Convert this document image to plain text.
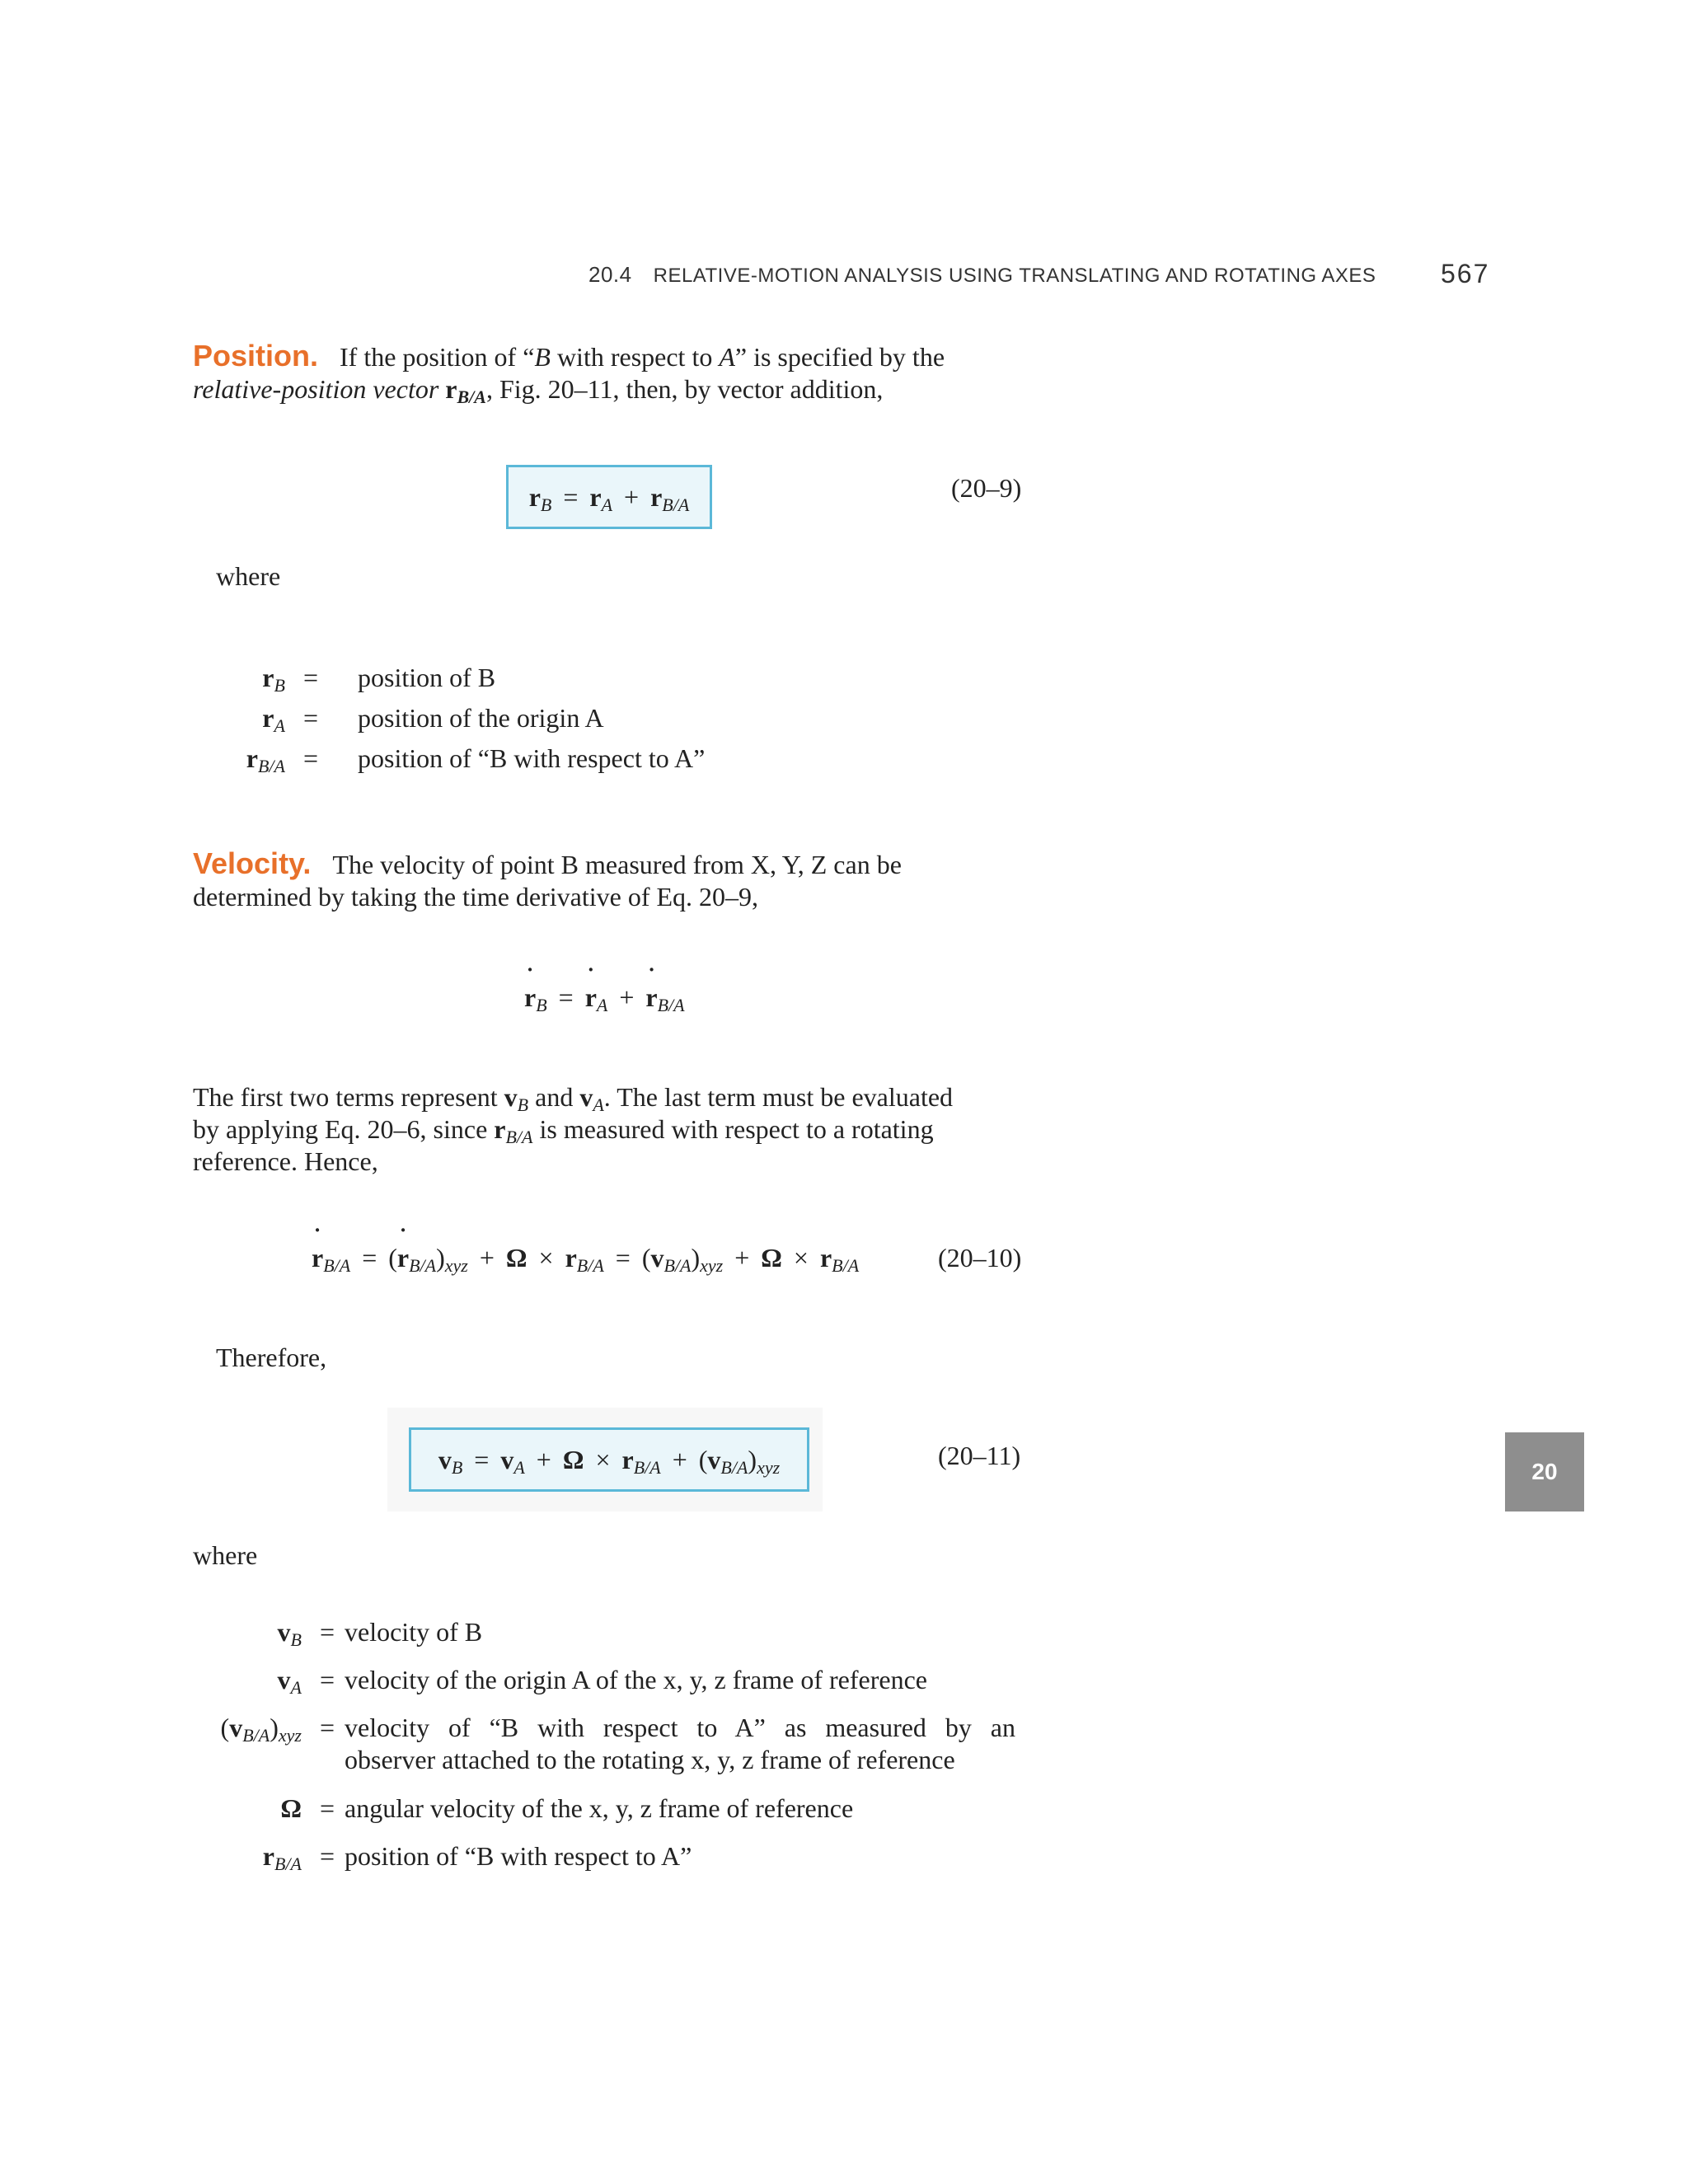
20.4 RELATIVE-MOTION ANALYSIS USING TRANSLATING AND ROTATING AXES 567
Position. If the position of “B with respect to A” is specified by the
relative-position vector $r_{B/A}$, Fig. 20–11, then, by vector addition,
$r_B = r_A + r_{B/A}$
(20–9)
where
$r_B$ = position of B
$r_A$ = position of the origin A
$r_{B/A}$ = position of “B with respect to A”
Velocity. The velocity of point B measured from X, Y, Z can be
determined by taking the time derivative of Eq. 20–9,
˙ $r_B$ = ˙ $r_A$ + ˙ $r_{B/A}$
The first two terms represent $v_B$ and $v_A$. The last term must be evaluated
by applying Eq. 20–6, since $r_{B/A}$ is measured with respect to a rotating
reference. Hence,
˙ $r_{B/A}$ = (˙ $r_{B/A})_{xyz} + \Omega \times r_{B/A} = (v_{B/A})_{xyz} + \Omega \times r_{B/A}$	(20–10)
Therefore,
$v_B = v_A + \Omega \times r_{B/A} + (v_{B/A})_{xyz}$	(20–11)
where
$v_B$ = velocity of B
$v_A$ = velocity of the origin A of the x, y, z frame of reference
$(v_{B/A})_{xyz}$ = velocity of “B with respect to A” as measured by an
observer attached to the rotating x, y, z frame of reference
Ω = angular velocity of the x, y, z frame of reference
$r_{B/A}$ = position of “B with respect to A”
20
